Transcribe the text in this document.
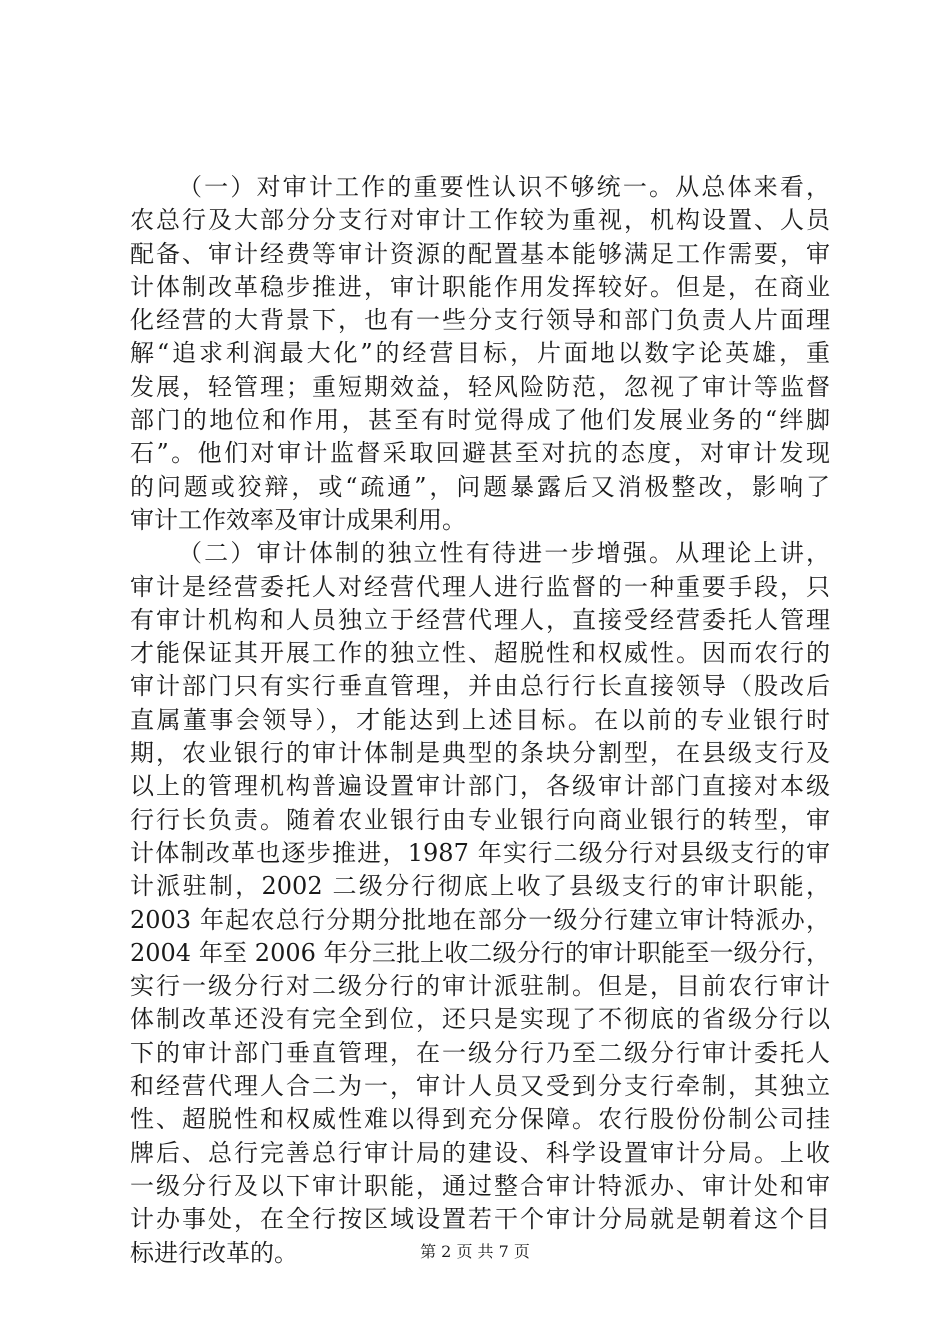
（一）对审计工作的重要性认识不够统一。从总体来看，
农总行及大部分分支行对审计工作较为重视，机构设置、人员
配备、审计经费等审计资源的配置基本能够满足工作需要，审
计体制改革稳步推进，审计职能作用发挥较好。但是，在商业
化经营的大背景下，也有一些分支行领导和部门负责人片面理
解“追求利润最大化”的经营目标，片面地以数字论英雄，重
发展，轻管理；重短期效益，轻风险防范，忽视了审计等监督
部门的地位和作用，甚至有时觉得成了他们发展业务的“绊脚
石”。他们对审计监督采取回避甚至对抗的态度，对审计发现
的问题或狡辩，或“疏通”，问题暴露后又消极整改，影响了
审计工作效率及审计成果利用。
（二）审计体制的独立性有待进一步增强。从理论上讲，
审计是经营委托人对经营代理人进行监督的一种重要手段，只
有审计机构和人员独立于经营代理人，直接受经营委托人管理
才能保证其开展工作的独立性、超脱性和权威性。因而农行的
审计部门只有实行垂直管理，并由总行行长直接领导（股改后
直属董事会领导），才能达到上述目标。在以前的专业银行时
期，农业银行的审计体制是典型的条块分割型，在县级支行及
以上的管理机构普遍设置审计部门，各级审计部门直接对本级
行行长负责。随着农业银行由专业银行向商业银行的转型，审
计体制改革也逐步推进，1987 年实行二级分行对县级支行的审
计派驻制，2002 二级分行彻底上收了县级支行的审计职能，
2003 年起农总行分期分批地在部分一级分行建立审计特派办，
2004 年至 2006 年分三批上收二级分行的审计职能至一级分行，
实行一级分行对二级分行的审计派驻制。但是，目前农行审计
体制改革还没有完全到位，还只是实现了不彻底的省级分行以
下的审计部门垂直管理，在一级分行乃至二级分行审计委托人
和经营代理人合二为一，审计人员又受到分支行牵制，其独立
性、超脱性和权威性难以得到充分保障。农行股份份制公司挂
牌后、总行完善总行审计局的建设、科学设置审计分局。上收
一级分行及以下审计职能，通过整合审计特派办、审计处和审
计办事处，在全行按区域设置若干个审计分局就是朝着这个目
标进行改革的。	第 2 页 共 7 页
